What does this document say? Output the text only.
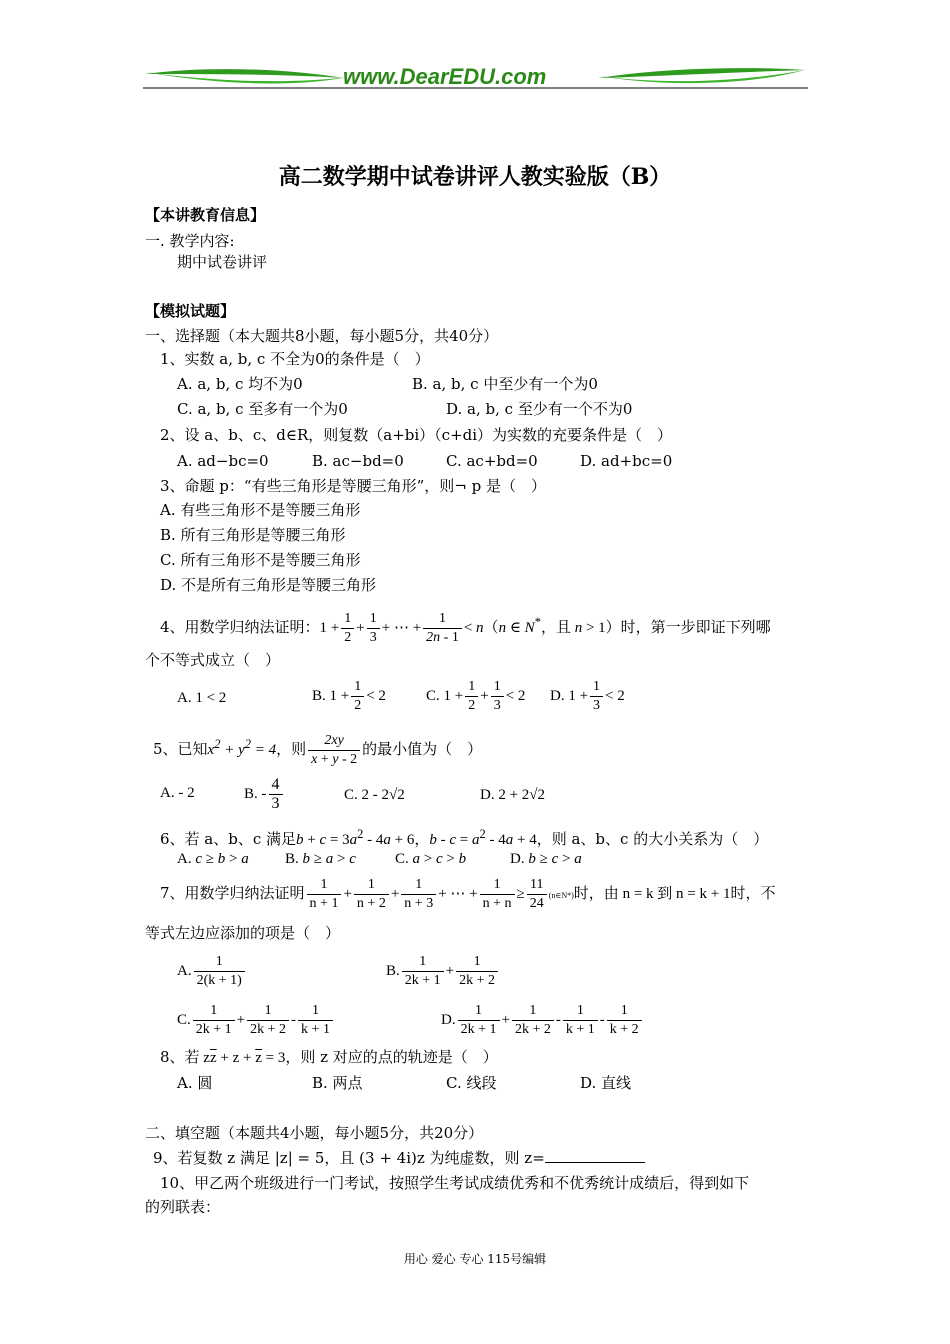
www.DearEDU.com
高二数学期中试卷讲评人教实验版（B）
【本讲教育信息】
一. 教学内容:
期中试卷讲评
【模拟试题】
一、选择题（本大题共8小题，每小题5分，共40分）
1、实数 a, b, c 不全为0的条件是（　）
A. a, b, c 均不为0	B. a, b, c 中至少有一个为0
C. a, b, c 至多有一个为0	D. a, b, c 至少有一个不为0
2、设 a、b、c、d∈R，则复数（a+bi）（c+di）为实数的充要条件是（　）
A. ad−bc=0	B. ac−bd=0	C. ac+bd=0	D. ad+bc=0
3、命题 p：“有些三角形是等腰三角形”，则¬ p 是（　）
A. 有些三角形不是等腰三角形
B. 所有三角形是等腰三角形
C. 所有三角形不是等腰三角形
D. 不是所有三角形是等腰三角形
4、用数学归纳法证明：$1 + \frac{1}{2} + \frac{1}{3}$ + ⋯ + $\frac{1}{2n - 1} < n(n$ ∈ N*，且 n > 1）时，第一步即证下列哪
个不等式成立（　）
A. 1 < 2	B. $1 + \frac{1}{2} < 2$	C. $1 + \frac{1}{2} + \frac{1}{3} < 2$ D. $1 + \frac{1}{3} < 2$
5、已知$x^2 + y^2 = 4$，则 $\frac{2xy}{x + y - 2}$ 的最小值为（　）
A. - 2	B. - $\frac{4}{3}$	C. 2 - 2√2	D. 2 + 2√2
6、若 a、b、c 满足$b + c = 3a^2 - 4a + 6$，$b - c = a^2 - 4a + 4$，则 a、b、c 的大小关系为（　）
A. c ≥ b > a B. b ≥ a > c	C. a > c > b	D. b ≥ c > a
7、用数学归纳法证明 $\frac{1}{n + 1} + \frac{1}{n + 2} + \frac{1}{n + 3}$ + ⋯ + $\frac{1}{n + n} \ge \frac{11}{24}$ (n∈N*)时，由 n = k 到 n = k + 1时，不
等式左边应添加的项是（　）
A. $\frac{1}{2(k + 1)}$	B. $\frac{1}{2k + 1} + \frac{1}{2k + 2}$
C. $\frac{1}{2k + 1} + \frac{1}{2k + 2} - \frac{1}{k + 1}$	D. $\frac{1}{2k + 1} + \frac{1}{2k + 2} - \frac{1}{k + 1} - \frac{1}{k + 2}$
8、若 $z\overline{z} + z + \overline{z} = 3$，则 z 对应的点的轨迹是（　）
A. 圆	B. 两点	C. 线段	D. 直线
二、填空题（本题共4小题，每小题5分，共20分）
9、若复数 z 满足 |z| = 5，且 (3 + 4i)z 为纯虚数，则 z=
10、甲乙两个班级进行一门考试，按照学生考试成绩优秀和不优秀统计成绩后，得到如下
的列联表：
用心 爱心 专心 115号编辑
